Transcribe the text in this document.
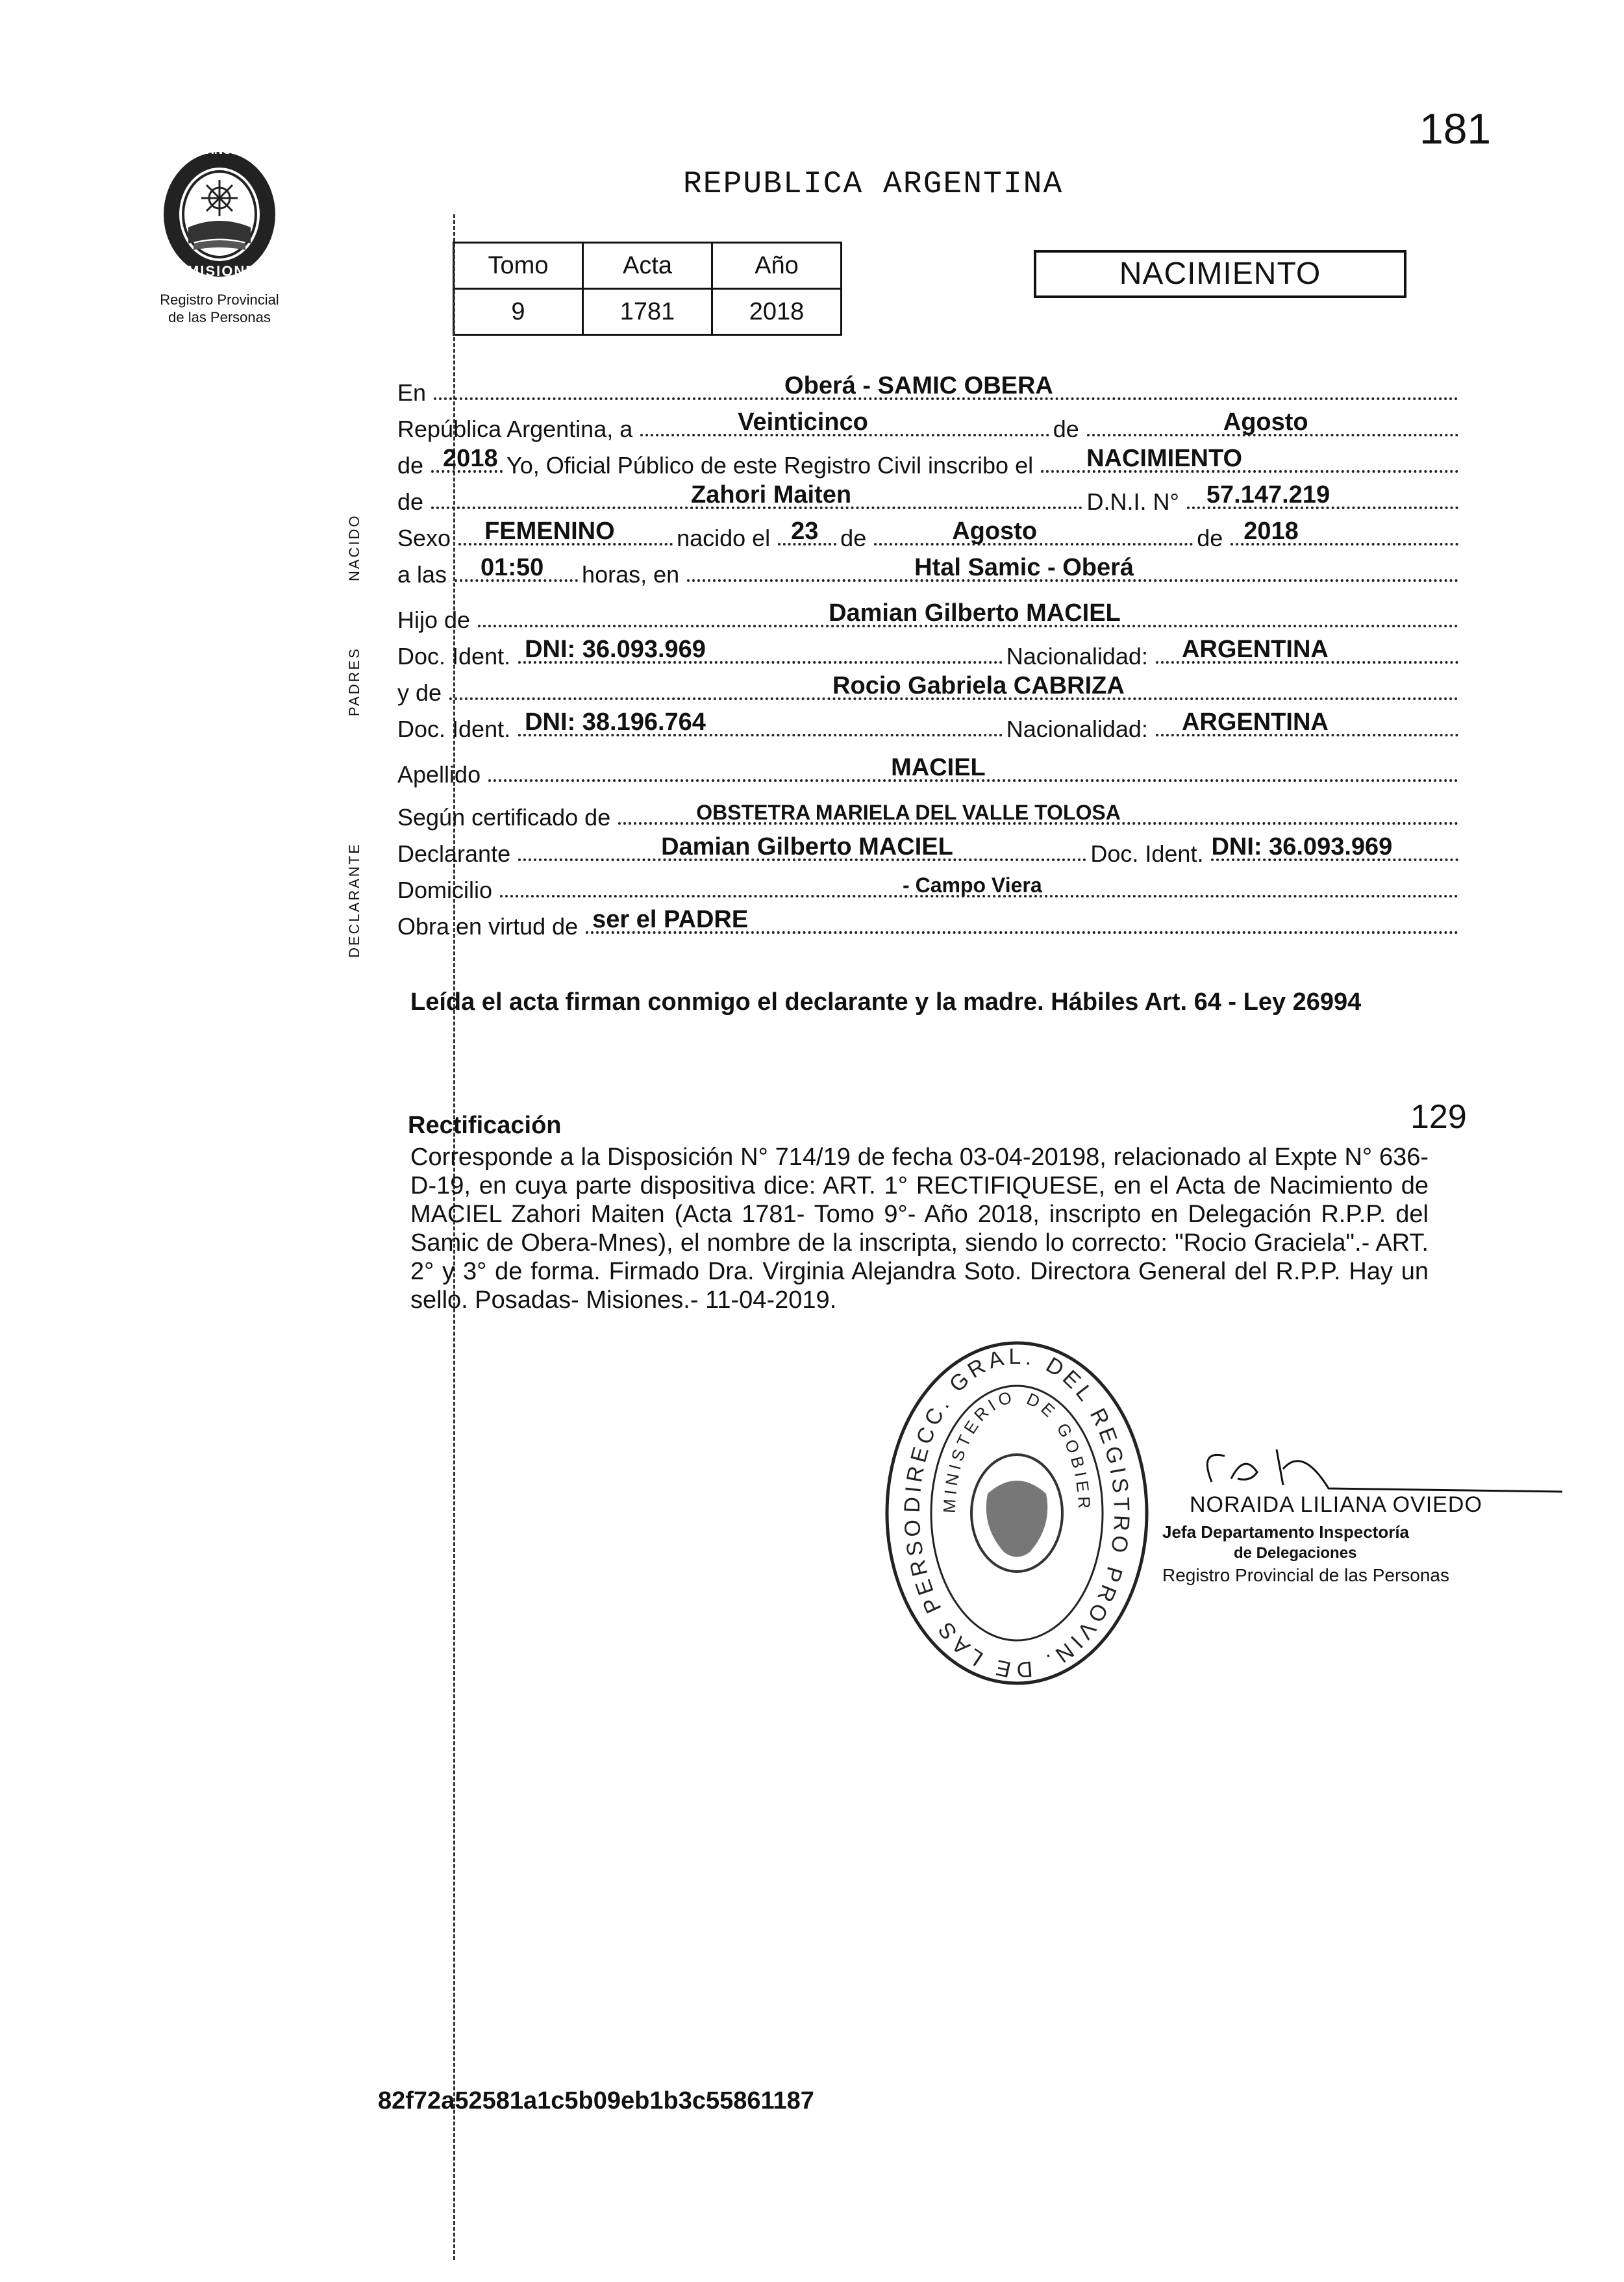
181
PROVINCIA DE
MISIONES
Registro Provincial
de las Personas
REPUBLICA ARGENTINA
Tomo	Acta	Año
9	1781	2018
NACIMIENTO
NACIDO
PADRES
DECLARANTE
En	Oberá - SAMIC OBERA
República Argentina, a	Veinticinco	de	Agosto
de 2018 Yo, Oficial Público de este Registro Civil inscribo el NACIMIENTO
de	Zahori Maiten	D.N.I. N° 57.147.219
Sexo FEMENINO	nacido el 23 de	Agosto	de 2018
a las 01:50 horas, en	Htal Samic - Oberá
Hijo de	Damian Gilberto MACIEL
Doc. Ident. DNI: 36.093.969	Nacionalidad: ARGENTINA
y de	Rocio Gabriela CABRIZA
Doc. Ident. DNI: 38.196.764	Nacionalidad: ARGENTINA
Apellido	MACIEL
Según certificado de	OBSTETRA MARIELA DEL VALLE TOLOSA
Declarante	Damian Gilberto MACIEL	Doc. Ident. DNI: 36.093.969
Domicilio	- Campo Viera
Obra en virtud de ser el PADRE
Leída el acta firman conmigo el declarante y la madre. Hábiles Art. 64 - Ley 26994
Rectificación	129
Corresponde a la Disposición N° 714/19 de fecha 03-04-20198, relacionado al Expte N° 636-D-19, en cuya parte dispositiva dice: ART. 1° RECTIFIQUESE, en el Acta de Nacimiento de MACIEL Zahori Maiten (Acta 1781- Tomo 9°- Año 2018, inscripto en Delegación R.P.P. del Samic de Obera-Mnes), el nombre de la inscripta, siendo lo correcto: "Rocio Graciela".- ART. 2° y 3° de forma. Firmado Dra. Virginia Alejandra Soto. Directora General del R.P.P. Hay un sello. Posadas- Misiones.- 11-04-2019.
DIRECC. GRAL. DEL REGISTRO PROVIN. DE LAS PERSO
MINISTERIO DE GOBIER	NORAIDA LILIANA OVIEDO
Jefa Departamento Inspectoría
de Delegaciones
Registro Provincial de las Personas
82f72a52581a1c5b09eb1b3c55861187
